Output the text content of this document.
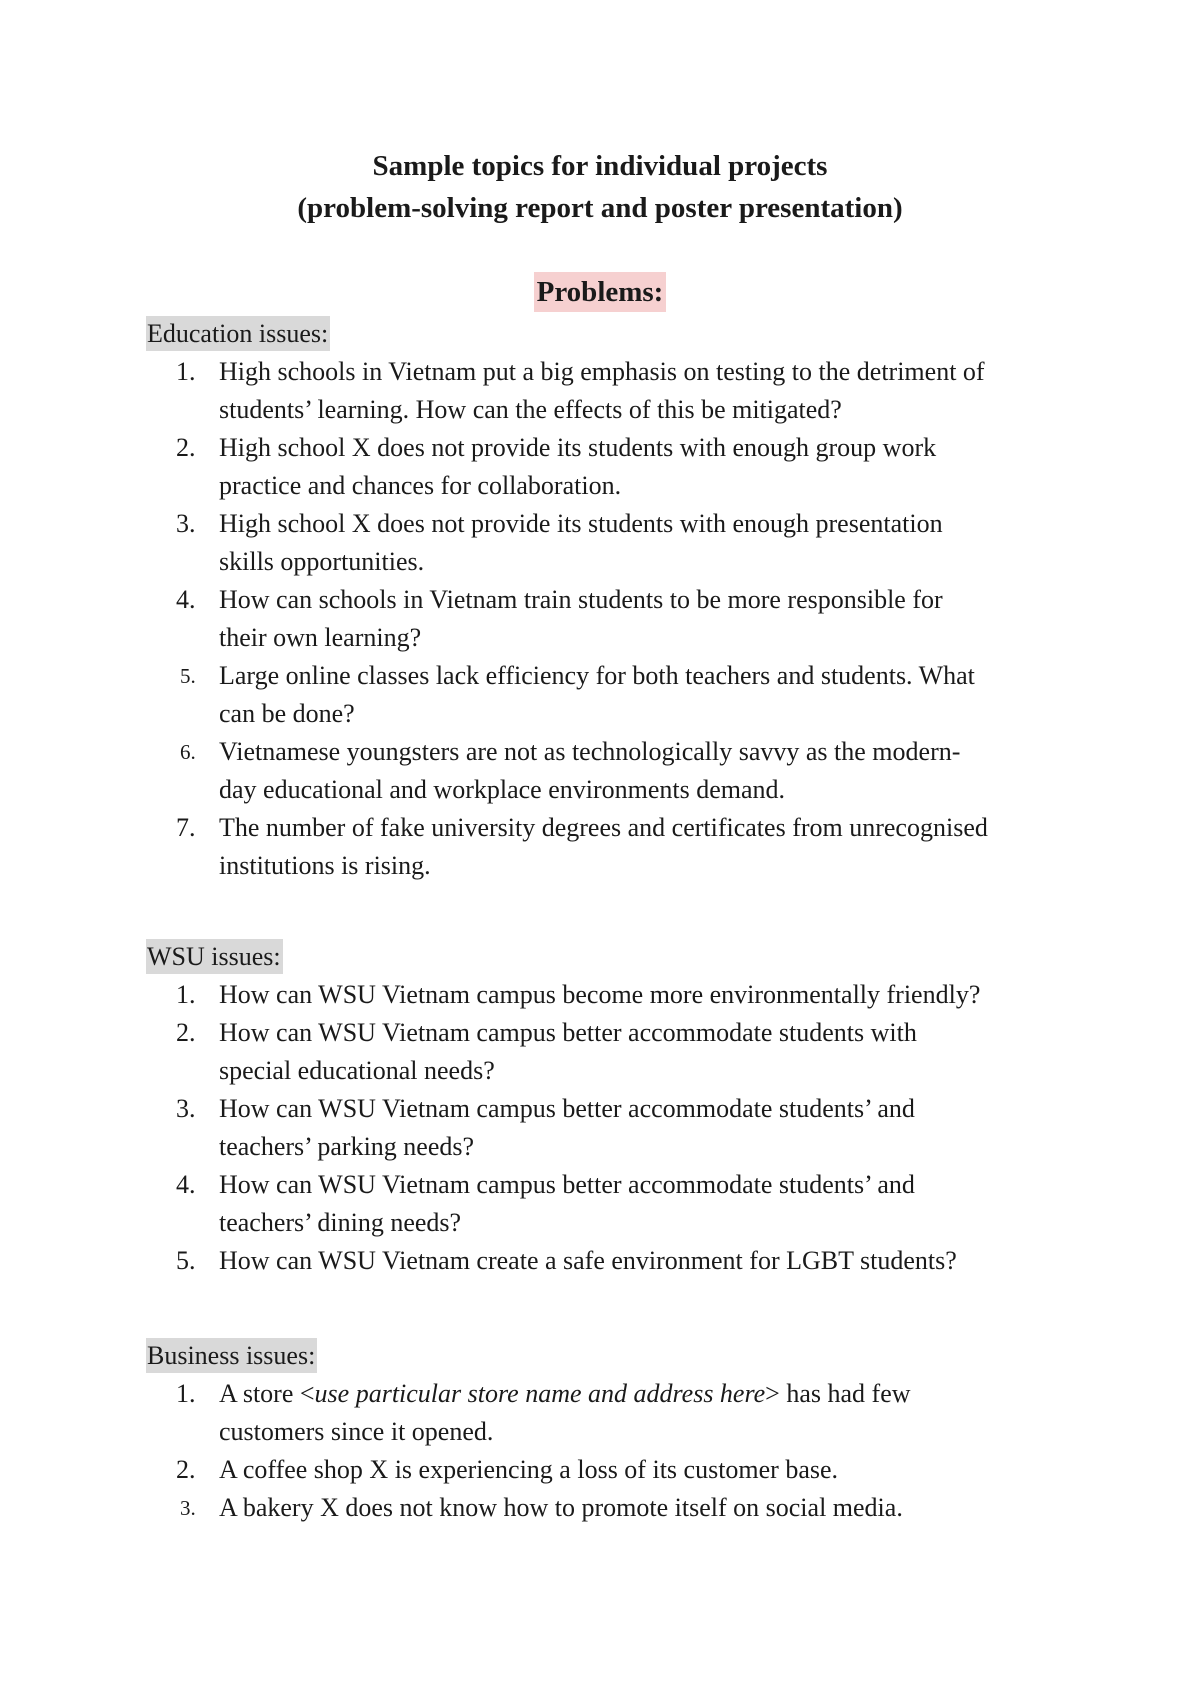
Sample topics for individual projects
(problem-solving report and poster presentation)
Problems:
Education issues:
1. High schools in Vietnam put a big emphasis on testing to the detriment of
students’ learning. How can the effects of this be mitigated?
2. High school X does not provide its students with enough group work
practice and chances for collaboration.
3. High school X does not provide its students with enough presentation
skills opportunities.
4. How can schools in Vietnam train students to be more responsible for
their own learning?
5. Large online classes lack efficiency for both teachers and students. What
can be done?
6. Vietnamese youngsters are not as technologically savvy as the modern-
day educational and workplace environments demand.
7. The number of fake university degrees and certificates from unrecognised
institutions is rising.
WSU issues:
1. How can WSU Vietnam campus become more environmentally friendly?
2. How can WSU Vietnam campus better accommodate students with
special educational needs?
3. How can WSU Vietnam campus better accommodate students’ and
teachers’ parking needs?
4. How can WSU Vietnam campus better accommodate students’ and
teachers’ dining needs?
5. How can WSU Vietnam create a safe environment for LGBT students?
Business issues:
1. A store <use particular store name and address here> has had few
customers since it opened.
2. A coffee shop X is experiencing a loss of its customer base.
3. A bakery X does not know how to promote itself on social media.
